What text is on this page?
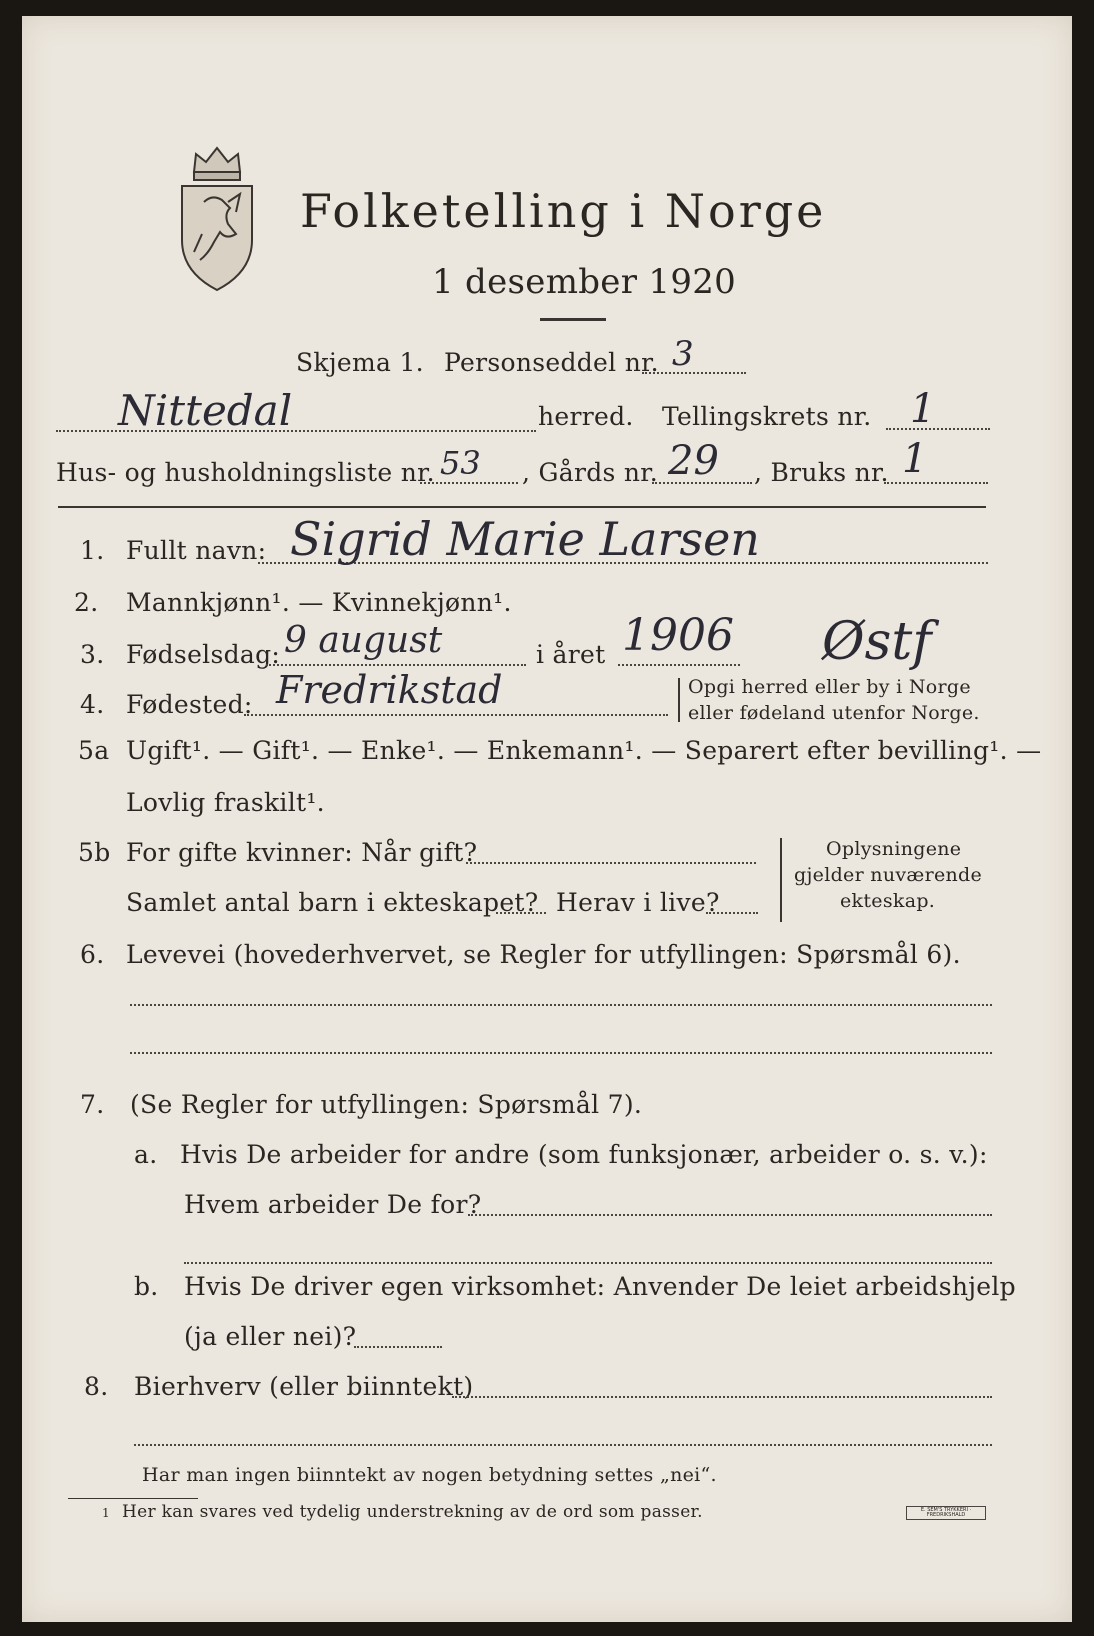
Folketelling i Norge
1 desember 1920
Skjema 1. Personseddel nr. 3
Nittedal	herred. Tellingskrets nr. 1
Hus- og husholdningsliste nr. 53 , Gårds nr. 29 , Bruks nr. 1
1. Fullt navn: Sigrid Marie Larsen
2. Mannkjønn¹. — Kvinnekjønn¹.
3. Fødselsdag: 9 august	i året 1906 Østf
4. Fødested: Fredrikstad	Opgi herred eller by i Norge
eller fødeland utenfor Norge.
5a Ugift¹. — Gift¹. — Enke¹. — Enkemann¹. — Separert efter bevilling¹. —
Lovlig fraskilt¹.
5b For gifte kvinner: Når gift?
Samlet antal barn i ekteskapet? Herav i live?
Oplysningene
gjelder nuværende
ekteskap.
6. Levevei (hovederhvervet, se Regler for utfyllingen: Spørsmål 6).
7. (Se Regler for utfyllingen: Spørsmål 7).
a. Hvis De arbeider for andre (som funksjonær, arbeider o. s. v.):
Hvem arbeider De for?
b. Hvis De driver egen virksomhet: Anvender De leiet arbeidshjelp
(ja eller nei)?
8. Bierhverv (eller biinntekt)
Har man ingen biinntekt av nogen betydning settes „nei“.
1 Her kan svares ved tydelig understrekning av de ord som passer.	E. SEM'S TRYKKERI · FREDRIKSHALD
